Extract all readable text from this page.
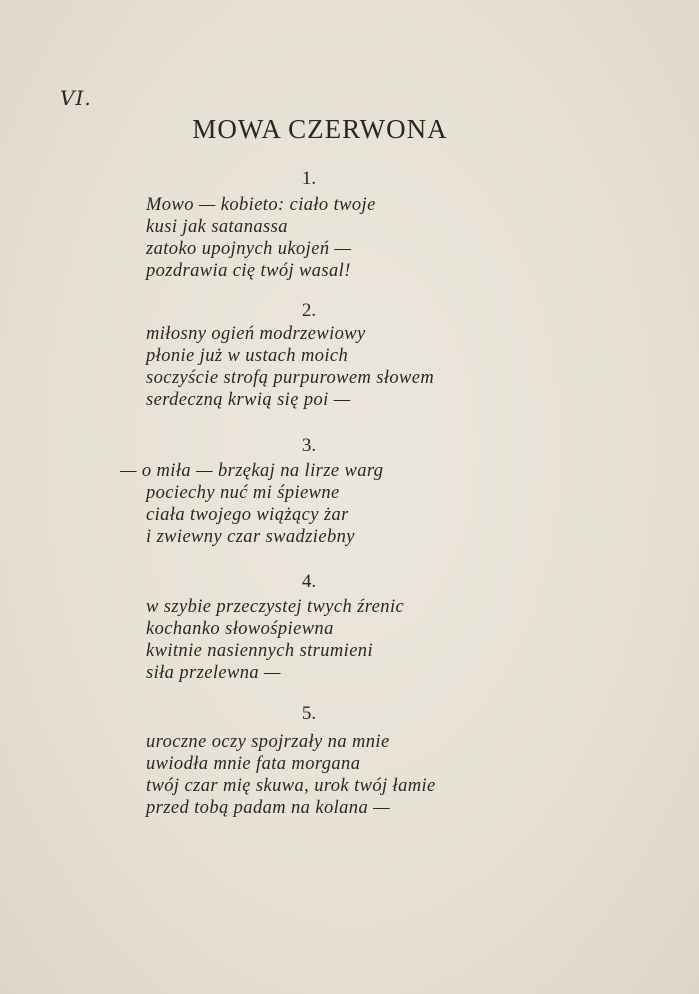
VI.
MOWA CZERWONA
1.
Mowo — kobieto: ciało twoje
kusi jak satanassa
zatoko upojnych ukojeń —
pozdrawia cię twój wasal!
2.
miłosny ogień modrzewiowy
płonie już w ustach moich
soczyście strofą purpurowem słowem
serdeczną krwią się poi —
3.
— o miła — brzękaj na lirze warg
pociechy nuć mi śpiewne
ciała twojego wiążący żar
i zwiewny czar swadziebny
4.
w szybie przeczystej twych źrenic
kochanko słowośpiewna
kwitnie nasiennych strumieni
siła przelewna —
5.
uroczne oczy spojrzały na mnie
uwiodła mnie fata morgana
twój czar mię skuwa, urok twój łamie
przed tobą padam na kolana —
